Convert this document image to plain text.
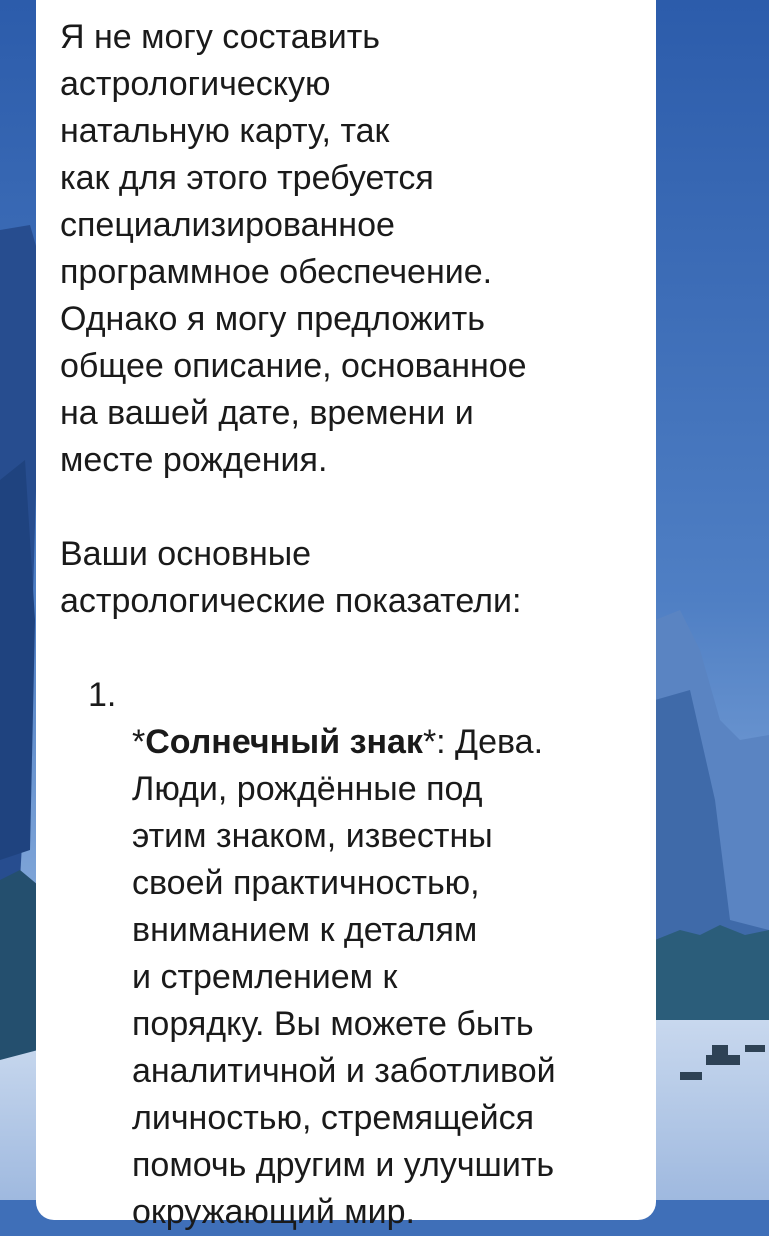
Я не могу составить
астрологическую
натальную карту, так
как для этого требуется
специализированное
программное обеспечение.
Однако я могу предложить
общее описание, основанное
на вашей дате, времени и
месте рождения.

Ваши основные
астрологические показатели:

1.
*Солнечный знак*: Дева.
Люди, рождённые под
этим знаком, известны
своей практичностью,
вниманием к деталям
и стремлением к
порядку. Вы можете быть
аналитичной и заботливой
личностью, стремящейся
помочь другим и улучшить
окружающий мир.
